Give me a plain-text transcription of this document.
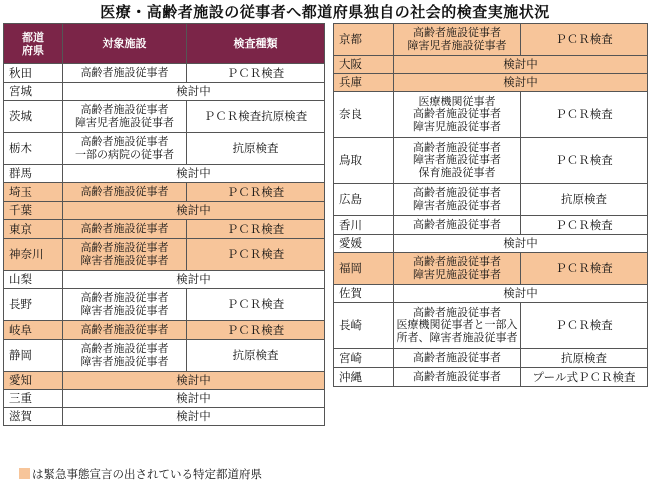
医療・高齢者施設の従事者へ都道府県独自の社会的検査実施状況
都道
府県	対象施設	検査種類
秋田	高齢者施設従事者	ＰＣＲ検査
宮城	検討中	
茨城	高齢者施設従事者
障害児者施設従事者	ＰＣＲ検査抗原検査
栃木	高齢者施設従事者
一部の病院の従事者	抗原検査
群馬	検討中	
埼玉	高齢者施設従事者	ＰＣＲ検査
千葉	検討中	
東京	高齢者施設従事者	ＰＣＲ検査
神奈川	高齢者施設従事者
障害者施設従事者	ＰＣＲ検査
山梨	検討中	
長野	高齢者施設従事者
障害者施設従事者	ＰＣＲ検査
岐阜	高齢者施設従事者	ＰＣＲ検査
静岡	高齢者施設従事者
障害者施設従事者	抗原検査
愛知	検討中	
三重	検討中	
滋賀	検討中	
京都	高齢者施設従事者
障害児者施設従事者	ＰＣＲ検査
大阪	検討中	
兵庫	検討中	
奈良	医療機関従事者
高齢者施設従事者
障害児施設従事者	ＰＣＲ検査
鳥取	高齢者施設従事者
障害者施設従事者
保育施設従事者	ＰＣＲ検査
広島	高齢者施設従事者
障害者施設従事者	抗原検査
香川	高齢者施設従事者	ＰＣＲ検査
愛媛	検討中	
福岡	高齢者施設従事者
障害児施設従事者	ＰＣＲ検査
佐賀	検討中	
長崎	高齢者施設従事者
医療機関従事者と一部入
所者、障害者施設従事者	ＰＣＲ検査
宮崎	高齢者施設従事者	抗原検査
沖縄	高齢者施設従事者	プール式ＰＣＲ検査
は緊急事態宣言の出されている特定都道府県
